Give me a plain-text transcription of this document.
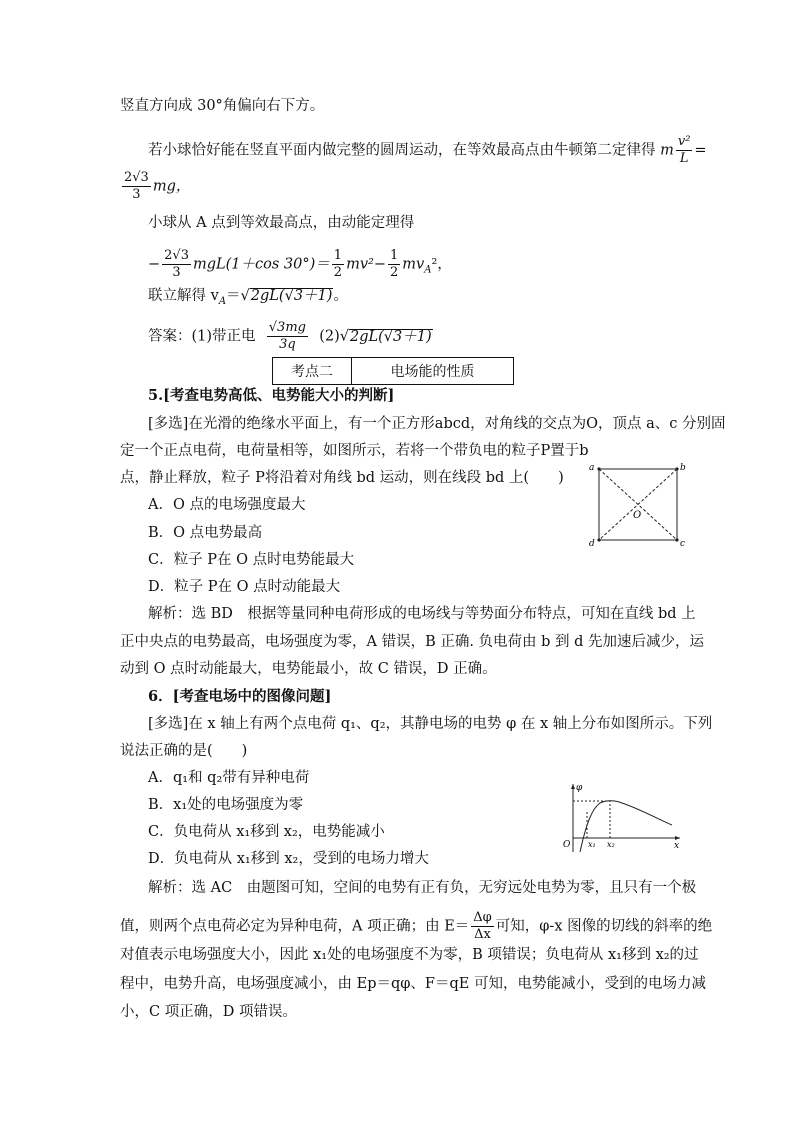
竖直方向成 30°角偏向右下方。
若小球恰好能在竖直平面内做完整的圆周运动，在等效最高点由牛顿第二定律得 m $\frac{\text{v²}}{L}$ =
$\frac{2√3}{3}$ mg，
小球从 A 点到等效最高点，由动能定理得
− $\frac{2√3}{3} mgL(1+\cos$ $30^\circ)= \frac{1}{2} mv^2- \frac{1}{2} mv_A^2$，
联立解得 $v_A=√2gL(√3+1)$。
答案：(1)带正电 $\frac{√3mg}{3q} (2)√2gL(√3+1)$
考点二	电场能的性质
5.[考查电势高低、电势能大小的判断]
[多选]在光滑的绝缘水平面上，有一个正方形abcd，对角线的交点为O，顶点 a、c 分别固
定一个正点电荷，电荷量相等，如图所示，若将一个带负电的粒子P置于b
点，静止释放，粒子 P将沿着对角线 bd 运动，则在线段 bd 上(　　)
A．O 点的电场强度最大
B．O 点电势最高
C．粒子 P在 O 点时电势能最大
D．粒子 P在 O 点时动能最大
a	b
c
d
O
解析：选 BD　根据等量同种电荷形成的电场线与等势面分布特点，可知在直线 bd 上
正中央点的电势最高，电场强度为零，A 错误，B 正确. 负电荷由 b 到 d 先加速后减少，运
动到 O 点时动能最大，电势能最小，故 C 错误，D 正确。
6．[考查电场中的图像问题]
[多选]在 x 轴上有两个点电荷 q₁、q₂，其静电场的电势 φ 在 x 轴上分布如图所示。下列
说法正确的是(　　)
A．q₁和 q₂带有异种电荷
B．x₁处的电场强度为零
C．负电荷从 x₁移到 x₂，电势能减小
D．负电荷从 x₁移到 x₂，受到的电场力增大
φ
O x₁ x₂	x
解析：选 AC　由题图可知，空间的电势有正有负，无穷远处电势为零，且只有一个极
值，则两个点电荷必定为异种电荷，A 项正确；由 $E= \frac{\Delta\varphi}{\Delta x}$ 可知，φ-x 图像的切线的斜率的绝
对值表示电场强度大小，因此 x₁处的电场强度不为零，B 项错误；负电荷从 x₁移到 x₂的过
程中，电势升高，电场强度减小，由 Ep＝qφ、F＝qE 可知，电势能减小，受到的电场力减
小，C 项正确，D 项错误。
